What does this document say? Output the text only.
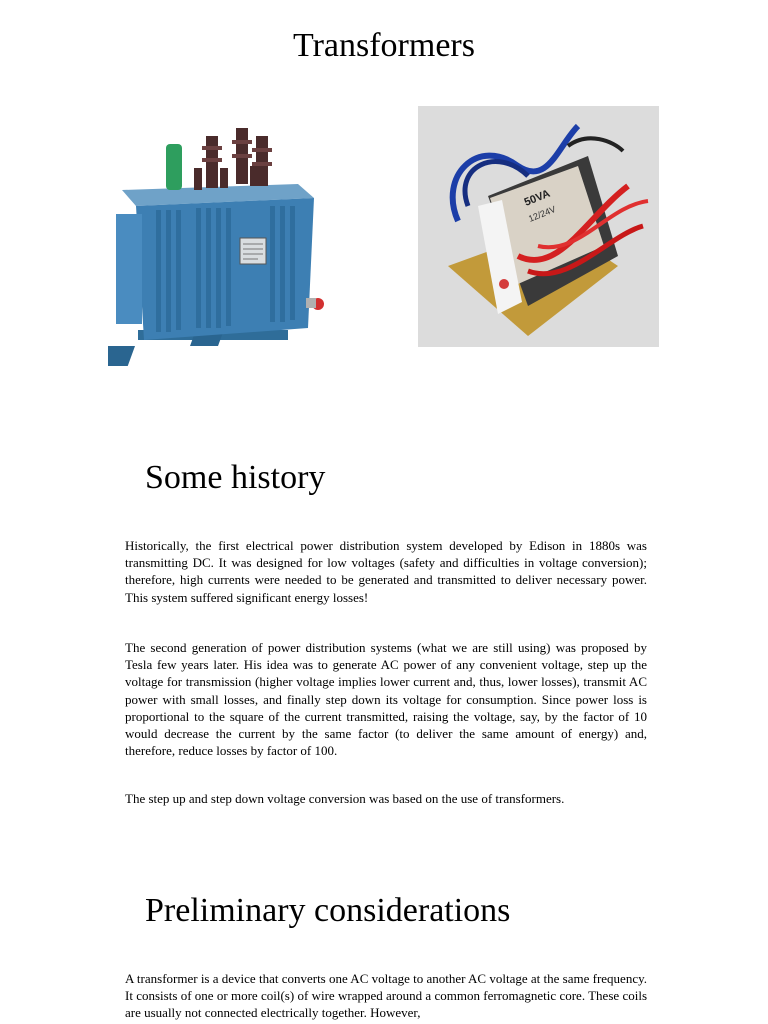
Transformers
50VA
12/24V
Some history
Historically, the first electrical power distribution system developed by Edison in 1880s was transmitting DC. It was designed for low voltages (safety and difficulties in voltage conversion); therefore, high currents were needed to be generated and transmitted to deliver necessary power. This system suffered significant energy losses!
The second generation of power distribution systems (what we are still using) was proposed by Tesla few years later. His idea was to generate AC power of any convenient voltage, step up the voltage for transmission (higher voltage implies lower current and, thus, lower losses), transmit AC power with small losses, and finally step down its voltage for consumption. Since power loss is proportional to the square of the current transmitted, raising the voltage, say, by the factor of 10 would decrease the current by the same factor (to deliver the same amount of energy) and, therefore, reduce losses by factor of 100.
The step up and step down voltage conversion was based on the use of transformers.
Preliminary considerations
A transformer is a device that converts one AC voltage to another AC voltage at the same frequency. It consists of one or more coil(s) of wire wrapped around a common ferromagnetic core. These coils are usually not connected electrically together. However,
